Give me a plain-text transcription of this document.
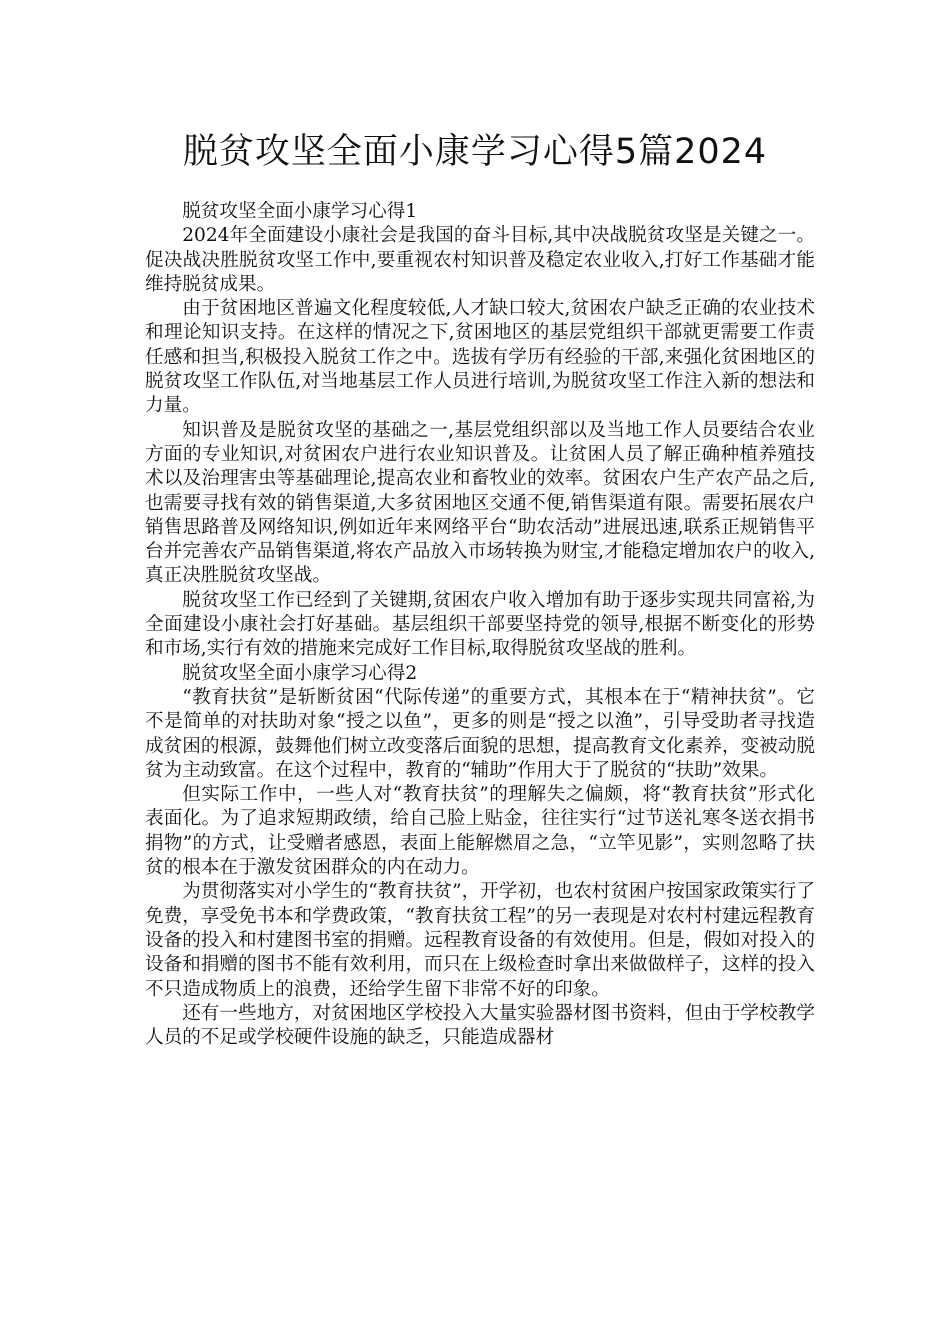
脱贫攻坚全面小康学习心得5篇2024

脱贫攻坚全面小康学习心得1

2024年全面建设小康社会是我国的奋斗目标,其中决战脱贫攻坚是关键之一。促决战决胜脱贫攻坚工作中,要重视农村知识普及稳定农业收入,打好工作基础才能维持脱贫成果。

由于贫困地区普遍文化程度较低,人才缺口较大,贫困农户缺乏正确的农业技术和理论知识支持。在这样的情况之下,贫困地区的基层党组织干部就更需要工作责任感和担当,积极投入脱贫工作之中。选拔有学历有经验的干部,来强化贫困地区的脱贫攻坚工作队伍,对当地基层工作人员进行培训,为脱贫攻坚工作注入新的想法和力量。

知识普及是脱贫攻坚的基础之一,基层党组织部以及当地工作人员要结合农业方面的专业知识,对贫困农户进行农业知识普及。让贫困人员了解正确种植养殖技术以及治理害虫等基础理论,提高农业和畜牧业的效率。贫困农户生产农产品之后,也需要寻找有效的销售渠道,大多贫困地区交通不便,销售渠道有限。需要拓展农户销售思路普及网络知识,例如近年来网络平台“助农活动”进展迅速,联系正规销售平台并完善农产品销售渠道,将农产品放入市场转换为财宝,才能稳定增加农户的收入,真正决胜脱贫攻坚战。

脱贫攻坚工作已经到了关键期,贫困农户收入增加有助于逐步实现共同富裕,为全面建设小康社会打好基础。基层组织干部要坚持党的领导,根据不断变化的形势和市场,实行有效的措施来完成好工作目标,取得脱贫攻坚战的胜利。

脱贫攻坚全面小康学习心得2

“教育扶贫”是斩断贫困“代际传递”的重要方式，其根本在于“精神扶贫”。它不是简单的对扶助对象“授之以鱼”，更多的则是“授之以渔”，引导受助者寻找造成贫困的根源，鼓舞他们树立改变落后面貌的思想，提高教育文化素养，变被动脱贫为主动致富。在这个过程中，教育的“辅助”作用大于了脱贫的“扶助”效果。

但实际工作中，一些人对“教育扶贫”的理解失之偏颇，将“教育扶贫”形式化表面化。为了追求短期政绩，给自己脸上贴金，往往实行“过节送礼寒冬送衣捐书捐物”的方式，让受赠者感恩，表面上能解燃眉之急，“立竿见影”，实则忽略了扶贫的根本在于激发贫困群众的内在动力。

为贯彻落实对小学生的“教育扶贫”，开学初，也农村贫困户按国家政策实行了免费，享受免书本和学费政策，“教育扶贫工程”的另一表现是对农村村建远程教育设备的投入和村建图书室的捐赠。远程教育设备的有效使用。但是，假如对投入的设备和捐赠的图书不能有效利用，而只在上级检查时拿出来做做样子，这样的投入不只造成物质上的浪费，还给学生留下非常不好的印象。

还有一些地方，对贫困地区学校投入大量实验器材图书资料，但由于学校教学人员的不足或学校硬件设施的缺乏，只能造成器材
